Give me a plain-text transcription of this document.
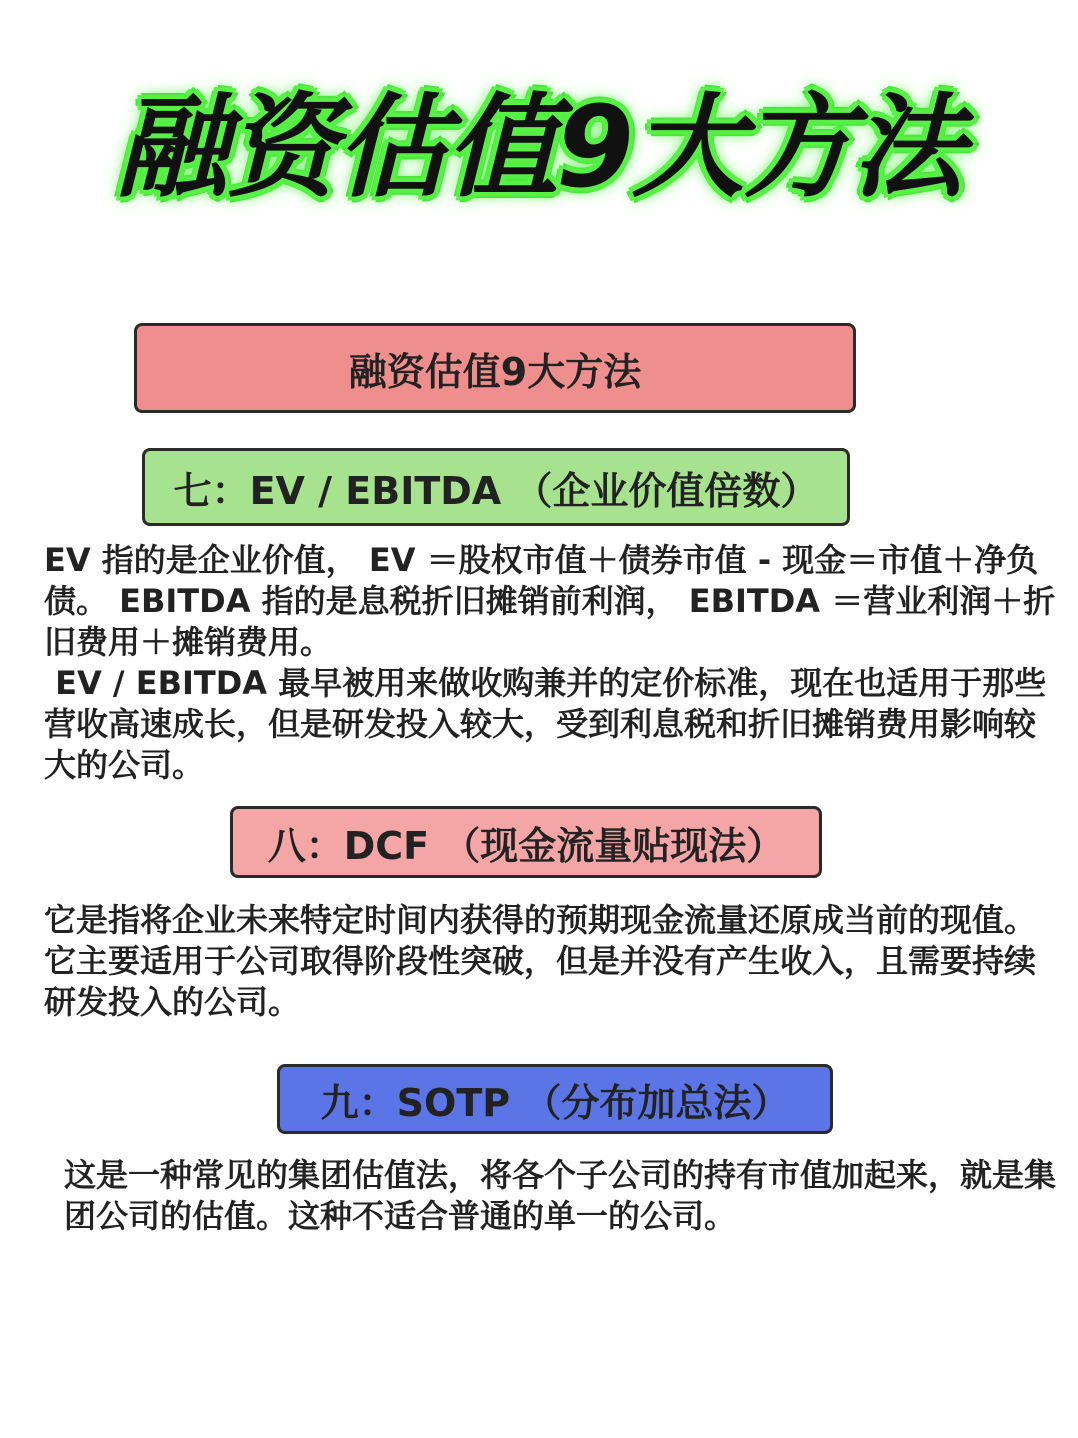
融资估值9大方法
融资估值9大方法
七：EV / EBITDA （企业价值倍数）

EV 指的是企业价值， EV ＝股权市值＋债券市值 - 现金＝市值＋净负债。 EBITDA 指的是息税折旧摊销前利润， EBITDA ＝营业利润＋折旧费用＋摊销费用。

EV / EBITDA 最早被用来做收购兼并的定价标准，现在也适用于那些营收高速成长，但是研发投入较大，受到利息税和折旧摊销费用影响较大的公司。

八：DCF （现金流量贴现法）

它是指将企业未来特定时间内获得的预期现金流量还原成当前的现值。它主要适用于公司取得阶段性突破，但是并没有产生收入，且需要持续研发投入的公司。

九：SOTP （分布加总法）

这是一种常见的集团估值法，将各个子公司的持有市值加起来，就是集团公司的估值。这种不适合普通的单一的公司。
